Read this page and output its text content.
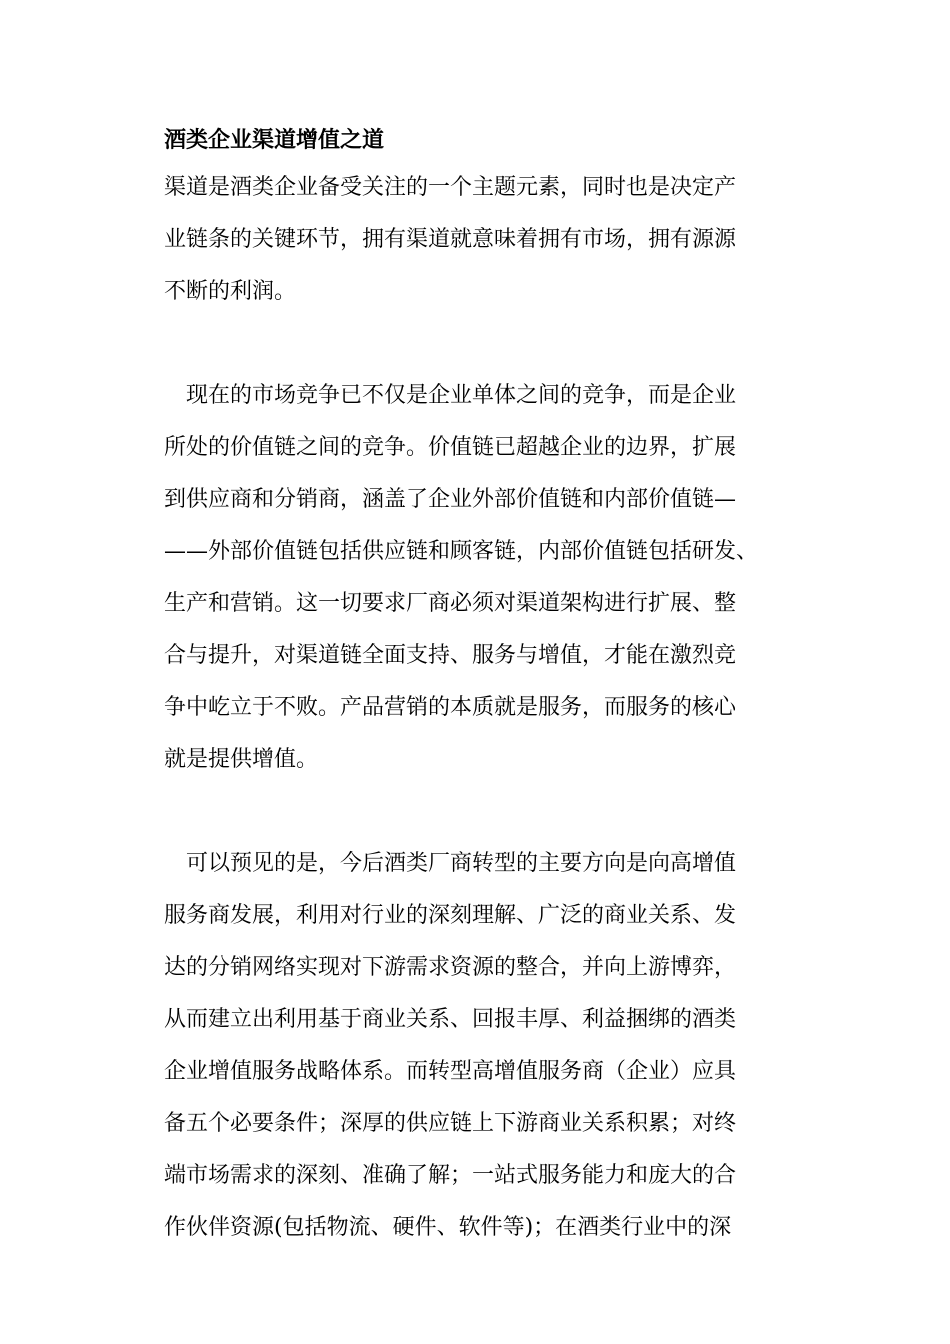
酒类企业渠道增值之道
渠道是酒类企业备受关注的一个主题元素，同时也是决定产
业链条的关键环节，拥有渠道就意味着拥有市场，拥有源源
不断的利润。
　现在的市场竞争已不仅是企业单体之间的竞争，而是企业
所处的价值链之间的竞争。价值链已超越企业的边界，扩展
到供应商和分销商，涵盖了企业外部价值链和内部价值链—
——外部价值链包括供应链和顾客链，内部价值链包括研发、
生产和营销。这一切要求厂商必须对渠道架构进行扩展、整
合与提升，对渠道链全面支持、服务与增值，才能在激烈竞
争中屹立于不败。产品营销的本质就是服务，而服务的核心
就是提供增值。
　可以预见的是，今后酒类厂商转型的主要方向是向高增值
服务商发展，利用对行业的深刻理解、广泛的商业关系、发
达的分销网络实现对下游需求资源的整合，并向上游博弈，
从而建立出利用基于商业关系、回报丰厚、利益捆绑的酒类
企业增值服务战略体系。而转型高增值服务商（企业）应具
备五个必要条件；深厚的供应链上下游商业关系积累；对终
端市场需求的深刻、准确了解；一站式服务能力和庞大的合
作伙伴资源(包括物流、硬件、软件等)；在酒类行业中的深
